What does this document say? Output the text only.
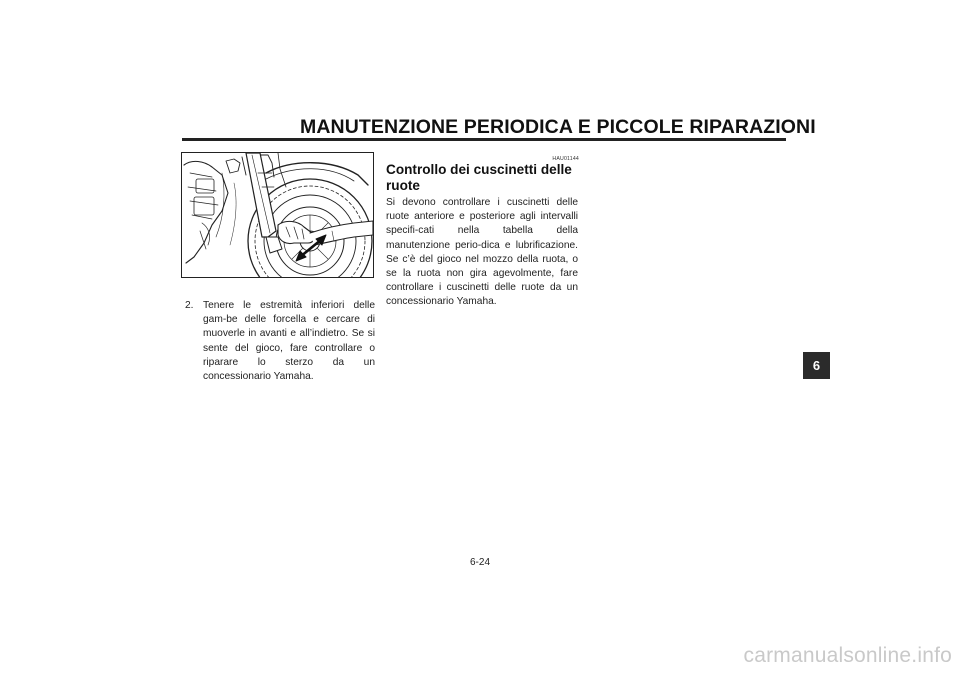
MANUTENZIONE PERIODICA E PICCOLE RIPARAZIONI
2. Tenere le estremità inferiori delle gam-be delle forcella e cercare di muoverle in avanti e all’indietro. Se si sente del gioco, fare controllare o riparare lo sterzo da un concessionario Yamaha.
HAU01144
Controllo dei cuscinetti delle ruote
Si devono controllare i cuscinetti delle ruote anteriore e posteriore agli intervalli specifi-cati nella tabella della manutenzione perio-dica e lubrificazione. Se c’è del gioco nel mozzo della ruota, o se la ruota non gira agevolmente, fare controllare i cuscinetti delle ruote da un concessionario Yamaha.
6
6-24
carmanualsonline.info
